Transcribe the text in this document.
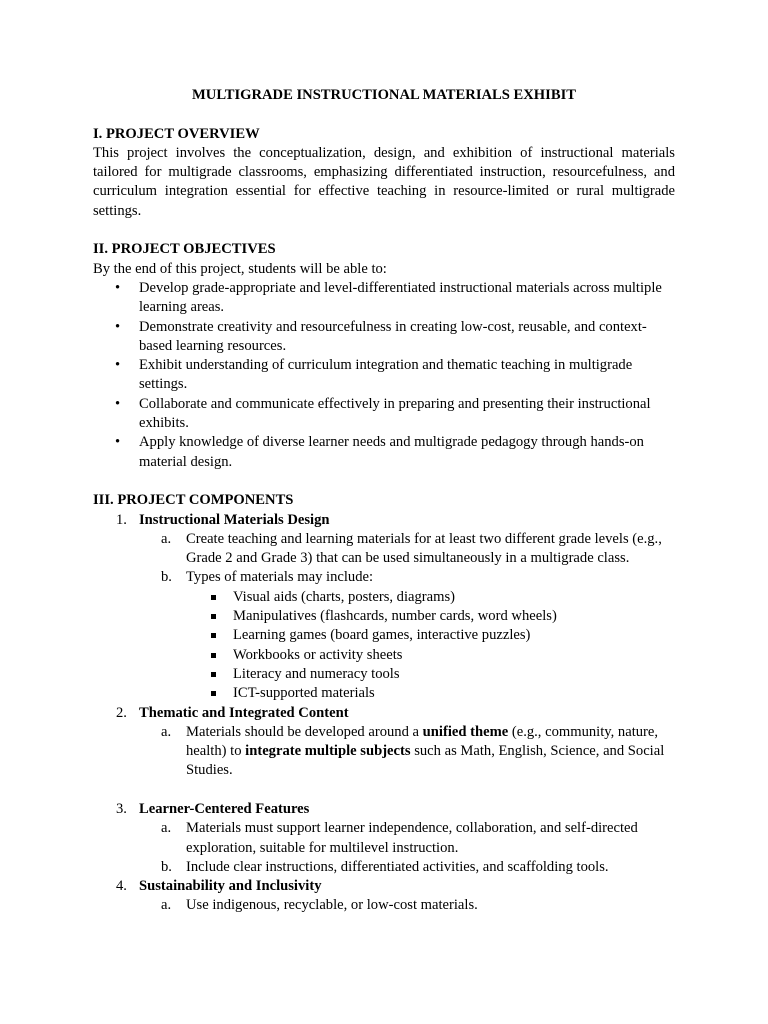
MULTIGRADE INSTRUCTIONAL MATERIALS EXHIBIT

I. PROJECT OVERVIEW

This project involves the conceptualization, design, and exhibition of instructional materials tailored for multigrade classrooms, emphasizing differentiated instruction, resourcefulness, and curriculum integration essential for effective teaching in resource-limited or rural multigrade settings.

II. PROJECT OBJECTIVES

By the end of this project, students will be able to:

• Develop grade-appropriate and level-differentiated instructional materials across multiple learning areas.
• Demonstrate creativity and resourcefulness in creating low-cost, reusable, and context-based learning resources.
• Exhibit understanding of curriculum integration and thematic teaching in multigrade settings.
• Collaborate and communicate effectively in preparing and presenting their instructional exhibits.
• Apply knowledge of diverse learner needs and multigrade pedagogy through hands-on material design.

III. PROJECT COMPONENTS

1. Instructional Materials Design
a. Create teaching and learning materials for at least two different grade levels (e.g., Grade 2 and Grade 3) that can be used simultaneously in a multigrade class.
b. Types of materials may include:
Visual aids (charts, posters, diagrams)
Manipulatives (flashcards, number cards, word wheels)
Learning games (board games, interactive puzzles)
Workbooks or activity sheets
Literacy and numeracy tools
ICT-supported materials
2. Thematic and Integrated Content
a. Materials should be developed around a unified theme (e.g., community, nature, health) to integrate multiple subjects such as Math, English, Science, and Social Studies.
3. Learner-Centered Features
a. Materials must support learner independence, collaboration, and self-directed exploration, suitable for multilevel instruction.
b. Include clear instructions, differentiated activities, and scaffolding tools.
4. Sustainability and Inclusivity
a. Use indigenous, recyclable, or low-cost materials.
